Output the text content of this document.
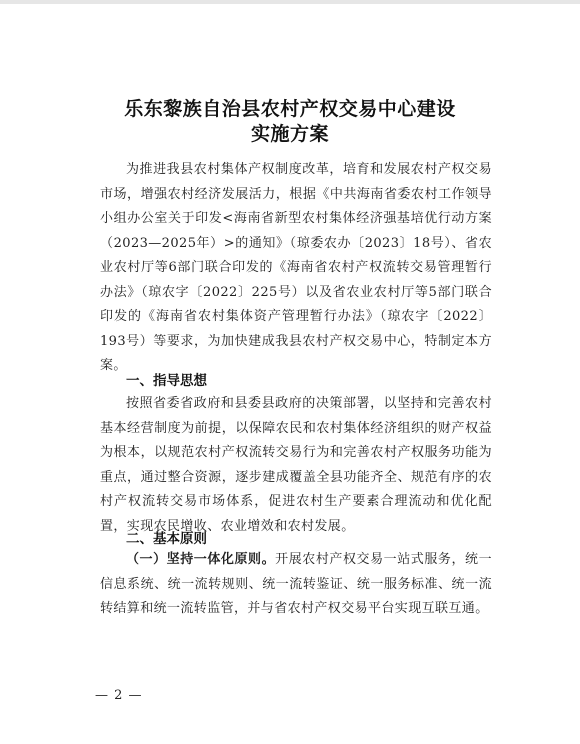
乐东黎族自治县农村产权交易中心建设
实施方案

为推进我县农村集体产权制度改革，培育和发展农村产权交易市场，增强农村经济发展活力，根据《中共海南省委农村工作领导小组办公室关于印发<海南省新型农村集体经济强基培优行动方案（2023—2025年）>的通知》（琼委农办〔2023〕18号）、省农业农村厅等6部门联合印发的《海南省农村产权流转交易管理暂行办法》（琼农字〔2022〕225号）以及省农业农村厅等5部门联合印发的《海南省农村集体资产管理暂行办法》（琼农字〔2022〕193号）等要求，为加快建成我县农村产权交易中心，特制定本方案。

一、指导思想

按照省委省政府和县委县政府的决策部署，以坚持和完善农村基本经营制度为前提，以保障农民和农村集体经济组织的财产权益为根本，以规范农村产权流转交易行为和完善农村产权服务功能为重点，通过整合资源，逐步建成覆盖全县功能齐全、规范有序的农村产权流转交易市场体系，促进农村生产要素合理流动和优化配置，实现农民增收、农业增效和农村发展。

二、基本原则

（一）坚持一体化原则。开展农村产权交易一站式服务，统一信息系统、统一流转规则、统一流转鉴证、统一服务标准、统一流转结算和统一流转监管，并与省农村产权交易平台实现互联互通。

— 2 —
